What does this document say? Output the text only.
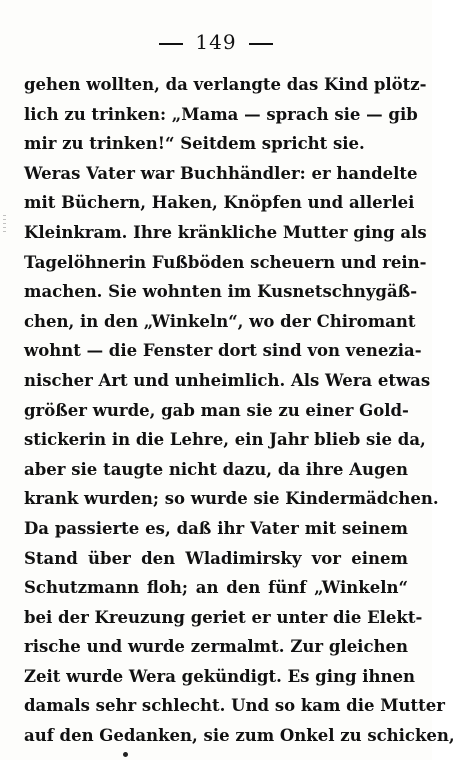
149
gehen wollten, da verlangte das Kind plötz-
lich zu trinken: „Mama — sprach sie — gib
mir zu trinken!“ Seitdem spricht sie.
Weras Vater war Buchhändler: er handelte
mit Büchern, Haken, Knöpfen und allerlei
Kleinkram. Ihre kränkliche Mutter ging als
Tagelöhnerin Fußböden scheuern und rein-
machen. Sie wohnten im Kusnetschnygäß-
chen, in den „Winkeln“, wo der Chiromant
wohnt — die Fenster dort sind von venezia-
nischer Art und unheimlich. Als Wera etwas
größer wurde, gab man sie zu einer Gold-
stickerin in die Lehre, ein Jahr blieb sie da,
aber sie taugte nicht dazu, da ihre Augen
krank wurden; so wurde sie Kindermädchen.
Da passierte es, daß ihr Vater mit seinem
Stand über den Wladimirsky vor einem
Schutzmann floh; an den fünf „Winkeln“
bei der Kreuzung geriet er unter die Elekt-
rische und wurde zermalmt. Zur gleichen
Zeit wurde Wera gekündigt. Es ging ihnen
damals sehr schlecht. Und so kam die Mutter
auf den Gedanken, sie zum Onkel zu schicken,
